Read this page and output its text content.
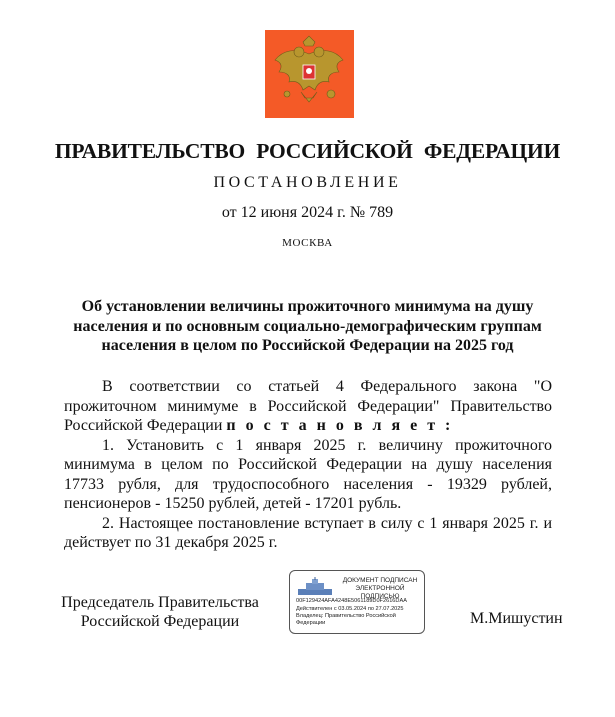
ПРАВИТЕЛЬСТВО РОССИЙСКОЙ ФЕДЕРАЦИИ
ПОСТАНОВЛЕНИЕ
от 12 июня 2024 г. № 789
МОСКВА
Об установлении величины прожиточного минимума на душу
населения и по основным социально-демографическим группам
населения в целом по Российской Федерации на 2025 год

В соответствии со статьей 4 Федерального закона "О прожиточном минимуме в Российской Федерации" Правительство Российской Федерации п о с т а н о в л я е т :

1. Установить с 1 января 2025 г. величину прожиточного минимума в целом по Российской Федерации на душу населения 17733 рубля, для трудоспособного населения - 19329 рублей, пенсионеров - 15250 рублей, детей - 17201 рубль.

2. Настоящее постановление вступает в силу с 1 января 2025 г. и действует по 31 декабря 2025 г.

Председатель Правительства
Российской Федерации
ДОКУМЕНТ ПОДПИСАН
ЭЛЕКТРОННОЙ ПОДПИСЬЮ
00F129424AFA4248E5061189D0F2616DAA
Действителен с 03.05.2024 по 27.07.2025
Владелец: Правительство Российской
Федерации	М.Мишустин
